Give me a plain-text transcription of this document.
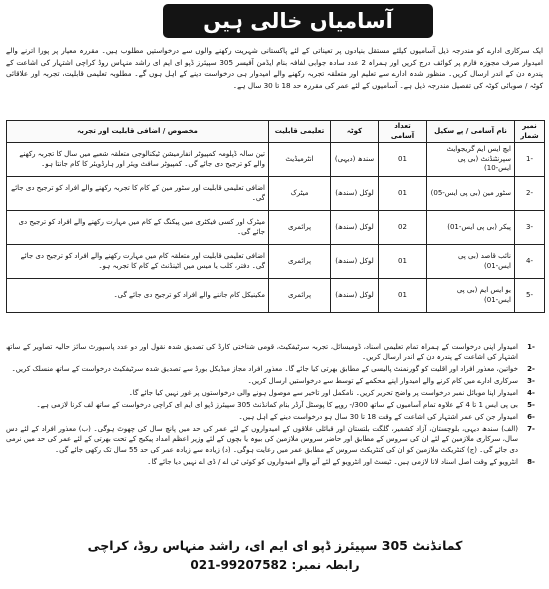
آسامیاں خالی ہیں

ایک سرکاری ادارے کو مندرجہ ذیل آسامیوں کیلئے مستقل بنیادوں پر تعیناتی کے لئے پاکستانی شہریت رکھنے والوں سے درخواستیں مطلوب ہیں۔ مقررہ معیار پر پورا اترنے والے امیدوار صرف مجوزہ فارم پر کوائف درج کریں اور ہمراہ 2 عدد سادہ جوابی لفافہ بنام ایڈمن آفیسر 305 سپیئرز ڈپو ای ایم ای راشد منہاس روڈ کراچی اشتہار کی اشاعت کے پندرہ دن کے اندر ارسال کریں۔ منظور شدہ ادارے سے تعلیم اور متعلقہ تجربہ رکھنے والے امیدوار ہی درخواست دینے کے اہل ہوں گے۔ مطلوبہ تعلیمی قابلیت، تجربہ اور علاقائی کوٹہ / صوبائی کوٹہ کی تفصیل مندرجہ ذیل ہے۔ آسامیوں کے لئے عمر کی مقررہ حد 18 تا 30 سال ہے۔

نمبر شمار	نام آسامی / پے سکیل	تعداد آسامی	کوٹہ	تعلیمی قابلیت	مخصوص / اضافی قابلیت اور تجربہ
-1	ایچ ایس ایم گریجوایٹ سپرنٹنڈنٹ (بی پی ایس-10)	01	سندھ (دیہی)	انٹرمیڈیٹ	تین سالہ ڈپلومہ کمپیوٹر انفارمیشن ٹیکنالوجی متعلقہ شعبے میں سال کا تجربہ رکھنے والے کو ترجیح دی جائے گی۔ کمپیوٹر سافٹ ویئر اور ہارڈویئر کا کام جانتا ہو۔
-2	سٹور مین (بی پی ایس-05)	01	لوکل (سندھ)	میٹرک	اضافی تعلیمی قابلیت اور سٹور مین کے کام کا تجربہ رکھنے والے افراد کو ترجیح دی جائے گی۔
-3	پیکر (بی پی ایس-01)	02	لوکل (سندھ)	پرائمری	میٹرک اور کسی فیکٹری میں پیکنگ کے کام میں مہارت رکھنے والے افراد کو ترجیح دی جائے گی۔
-4	نائب قاصد (بی پی ایس-01)	01	لوکل (سندھ)	پرائمری	اضافی تعلیمی قابلیت اور متعلقہ کام میں مہارت رکھنے والے افراد کو ترجیح دی جائے گی۔ دفتر، کلب یا میس میں اٹینڈنٹ کے کام کا تجربہ ہو۔
-5	یو ایس ایم (بی پی ایس-01)	01	لوکل (سندھ)	پرائمری	مکینیکل کام جاننے والے افراد کو ترجیح دی جائے گی۔
-1
امیدوار اپنی درخواست کے ہمراہ تمام تعلیمی اسناد، ڈومیسائل، تجربہ سرٹیفکیٹ، قومی شناختی کارڈ کی تصدیق شدہ نقول اور دو عدد پاسپورٹ سائز حالیہ تصاویر کے ساتھ اشتہار کی اشاعت کے پندرہ دن کے اندر ارسال کریں۔
-2
خواتین، معذور افراد اور اقلیت کو گورنمنٹ پالیسی کے مطابق بھرتی کیا جائے گا۔ معذور افراد مجاز میڈیکل بورڈ سے تصدیق شدہ سرٹیفکیٹ درخواست کے ساتھ منسلک کریں۔
-3
سرکاری ادارے میں کام کرنے والے امیدوار اپنے محکمے کے توسط سے درخواستیں ارسال کریں۔
-4
امیدوار اپنا موبائل نمبر درخواست پر واضح تحریر کریں۔ نامکمل اور تاخیر سے موصول ہونے والی درخواستوں پر غور نہیں کیا جائے گا۔
-5
بی پی ایس 1 تا 4 کے علاوہ تمام آسامیوں کے ساتھ 300/- روپے کا پوسٹل آرڈر بنام کمانڈنٹ 305 سپیئرز ڈپو ای ایم ای کراچی درخواست کے ساتھ لف کرنا لازمی ہے۔
-6
امیدوار جن کی عمر اشتہار کی اشاعت کے وقت 18 تا 30 سال ہو درخواست دینے کے اہل ہیں۔
-7
(الف) سندھ دیہی، بلوچستان، آزاد کشمیر، گلگت بلتستان اور قبائلی علاقوں کے امیدواروں کے لئے عمر کی حد میں پانچ سال کی چھوٹ ہوگی۔ (ب) معذور افراد کے لئے دس سال، سرکاری ملازمین کے لئے ان کی سروس کے مطابق اور حاضر سروس ملازمین کی بیوہ یا بچوں کے لئے وزیر اعظم امداد پیکیج کے تحت بھرتی کے لئے عمر کی حد میں نرمی دی جائے گی۔ (ج) کنٹریکٹ ملازمین کو ان کی کنٹریکٹ سروس کے مطابق عمر میں رعایت ہوگی۔ (د) زیادہ سے زیادہ عمر کی حد 55 سال تک رکھی جائے گی۔
-8
انٹرویو کے وقت اصل اسناد لانا لازمی ہیں۔ ٹیسٹ اور انٹرویو کے لئے آنے والے امیدواروں کو کوئی ٹی اے / ڈی اے نہیں دیا جائے گا۔
کمانڈنٹ 305 سپیئرز ڈپو ای ایم ای، راشد منہاس روڈ، کراچی
رابطہ نمبر: 021-99207582
